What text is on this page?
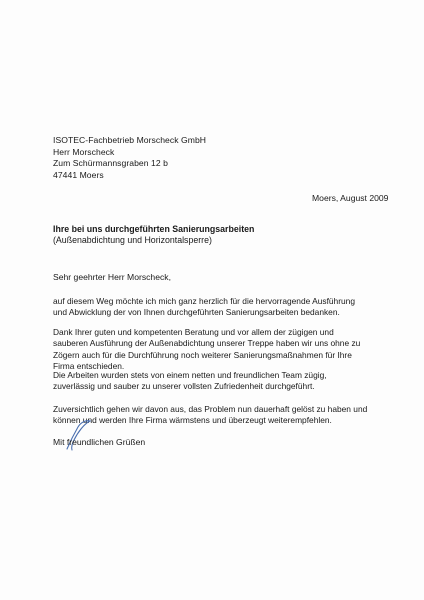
ISOTEC-Fachbetrieb Morscheck GmbH
Herr Morscheck
Zum Schürmannsgraben 12 b
47441 Moers
Moers, August 2009
Ihre bei uns durchgeführten Sanierungsarbeiten
(Außenabdichtung und Horizontalsperre)
Sehr geehrter Herr Morscheck,
auf diesem Weg möchte ich mich ganz herzlich für die hervorragende Ausführung
und Abwicklung der von Ihnen durchgeführten Sanierungsarbeiten bedanken.
Dank Ihrer guten und kompetenten Beratung und vor allem der zügigen und
sauberen Ausführung der Außenabdichtung unserer Treppe haben wir uns ohne zu
Zögern auch für die Durchführung noch weiterer Sanierungsmaßnahmen für Ihre
Firma entschieden.
Die Arbeiten wurden stets von einem netten und freundlichen Team zügig,
zuverlässig und sauber zu unserer vollsten Zufriedenheit durchgeführt.
Zuversichtlich gehen wir davon aus, das Problem nun dauerhaft gelöst zu haben und
können und werden Ihre Firma wärmstens und überzeugt weiterempfehlen.
Mit freundlichen Grüßen
